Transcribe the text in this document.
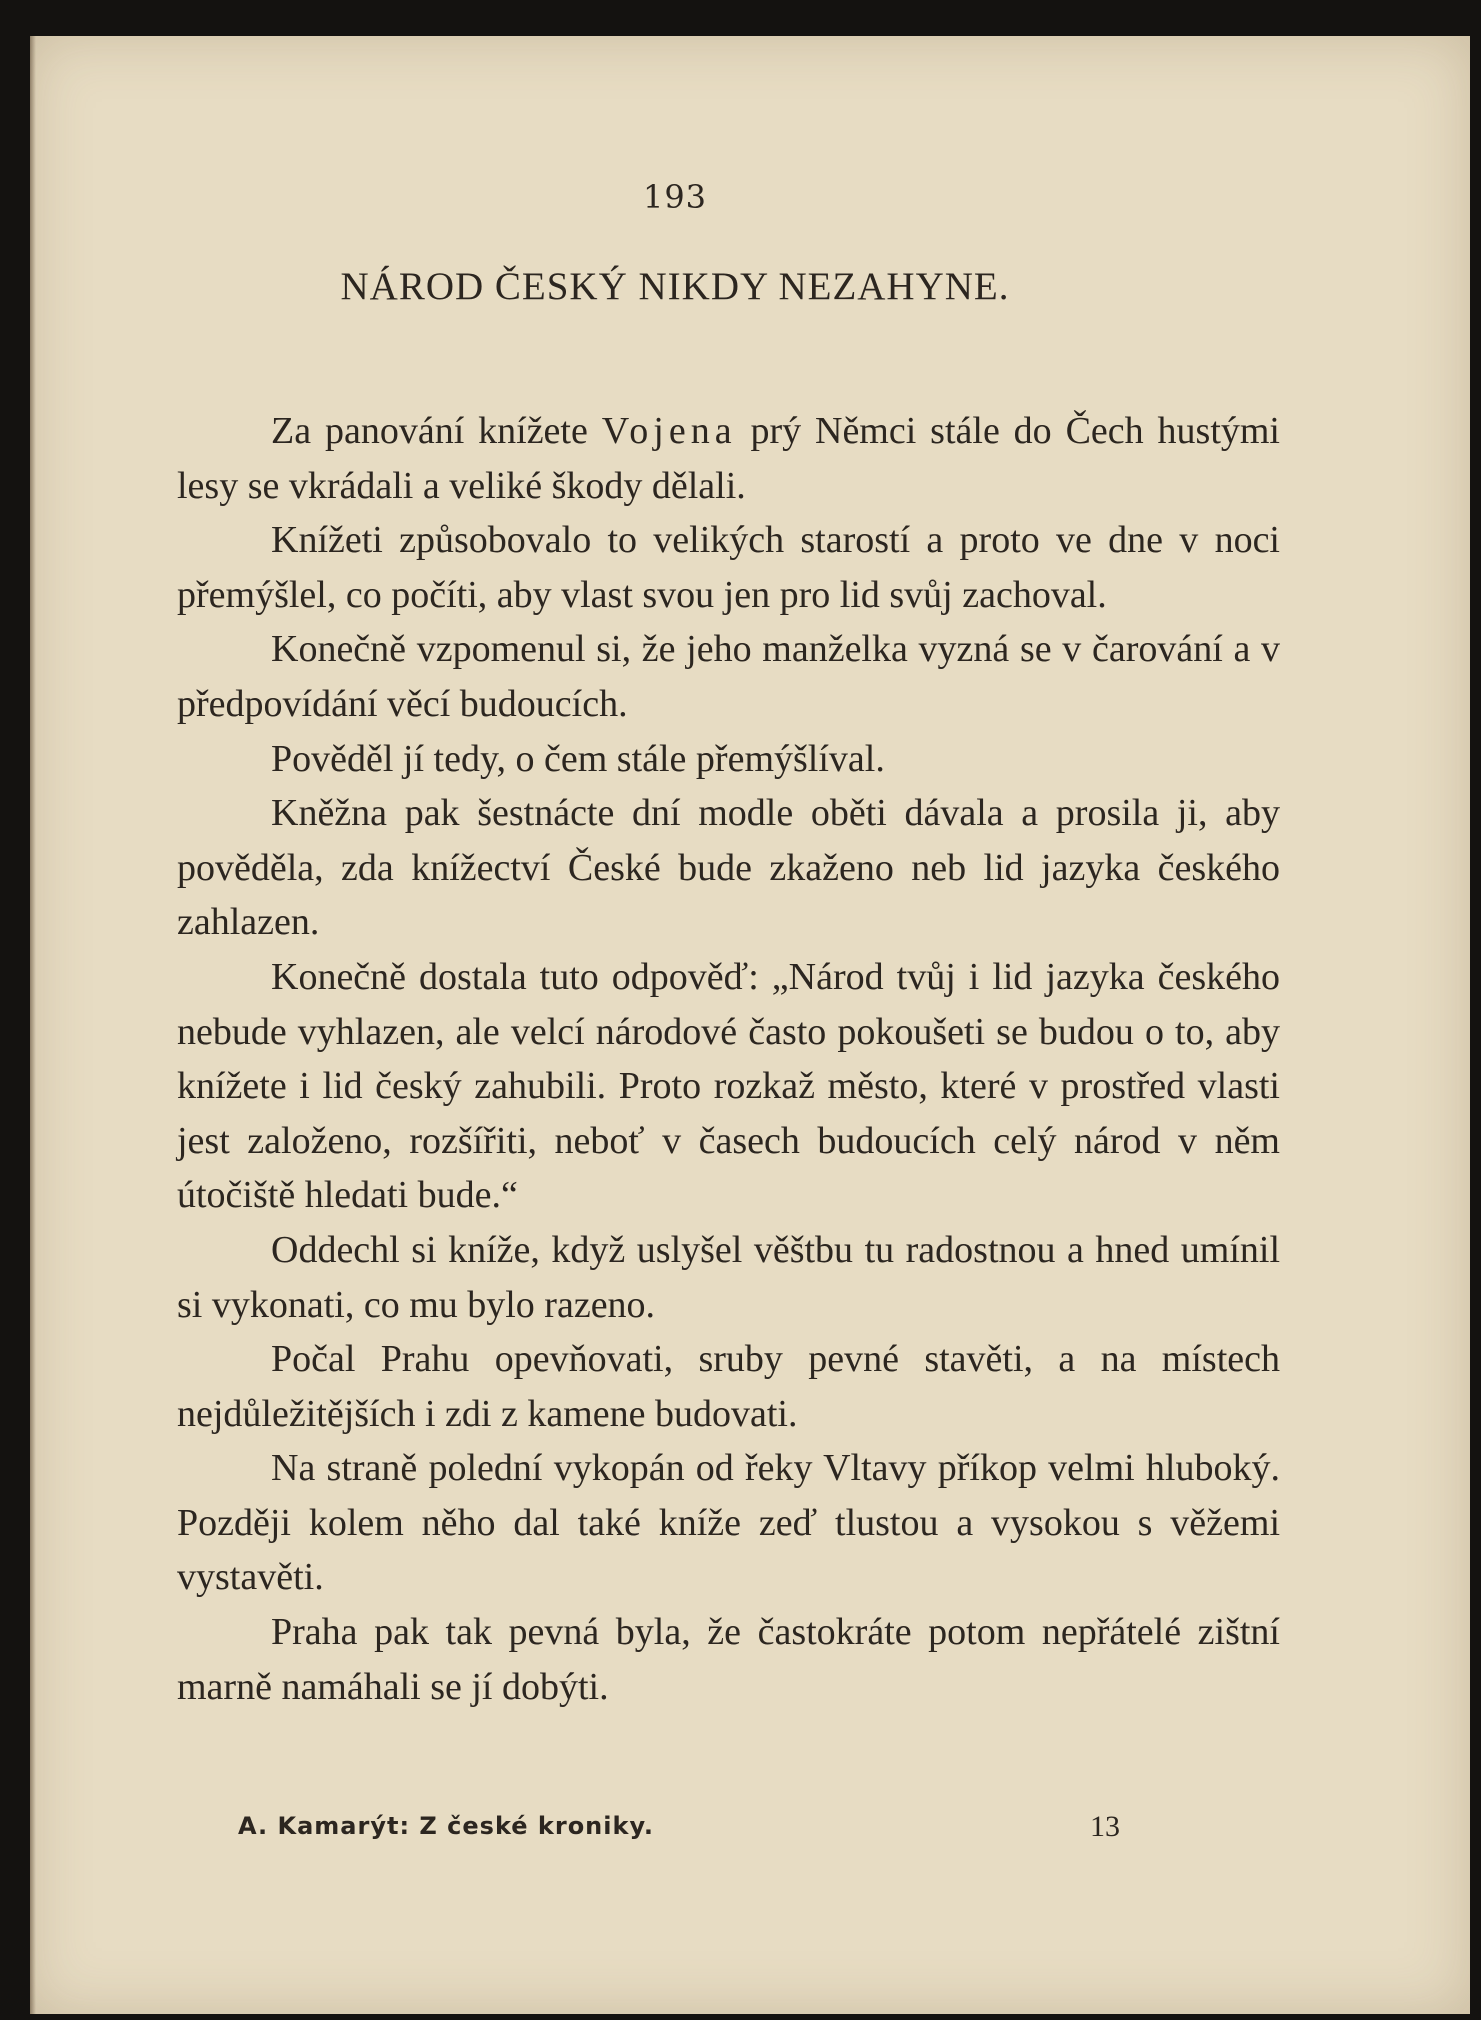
193
NÁROD ČESKÝ NIKDY NEZAHYNE.

Za panování knížete Vojena prý Němci stále do Čech hustými lesy se vkrádali a veliké škody dělali.

Knížeti způsobovalo to velikých starostí a proto ve dne v noci přemýšlel, co počíti, aby vlast svou jen pro lid svůj zachoval.

Konečně vzpomenul si, že jeho manželka vyzná se v čarování a v předpovídání věcí budoucích.

Pověděl jí tedy, o čem stále přemýšlíval.

Kněžna pak šestnácte dní modle oběti dávala a prosila ji, aby pověděla, zda knížectví České bude zkaženo neb lid jazyka českého zahlazen.

Konečně dostala tuto odpověď: „Národ tvůj i lid jazyka českého nebude vyhlazen, ale velcí národové často pokoušeti se budou o to, aby knížete i lid český zahubili. Proto rozkaž město, které v prostřed vlasti jest založeno, rozšířiti, neboť v časech budoucích celý národ v něm útočiště hledati bude.“

Oddechl si kníže, když uslyšel věštbu tu radostnou a hned umínil si vykonati, co mu bylo razeno.

Počal Prahu opevňovati, sruby pevné stavěti, a na místech nejdůležitějších i zdi z kamene budovati.

Na straně polední vykopán od řeky Vltavy příkop velmi hluboký. Později kolem něho dal také kníže zeď tlustou a vysokou s věžemi vystavěti.

Praha pak tak pevná byla, že častokráte potom nepřátelé zištní marně namáhali se jí dobýti.

A. Kamarýt: Z české kroniky.	13
